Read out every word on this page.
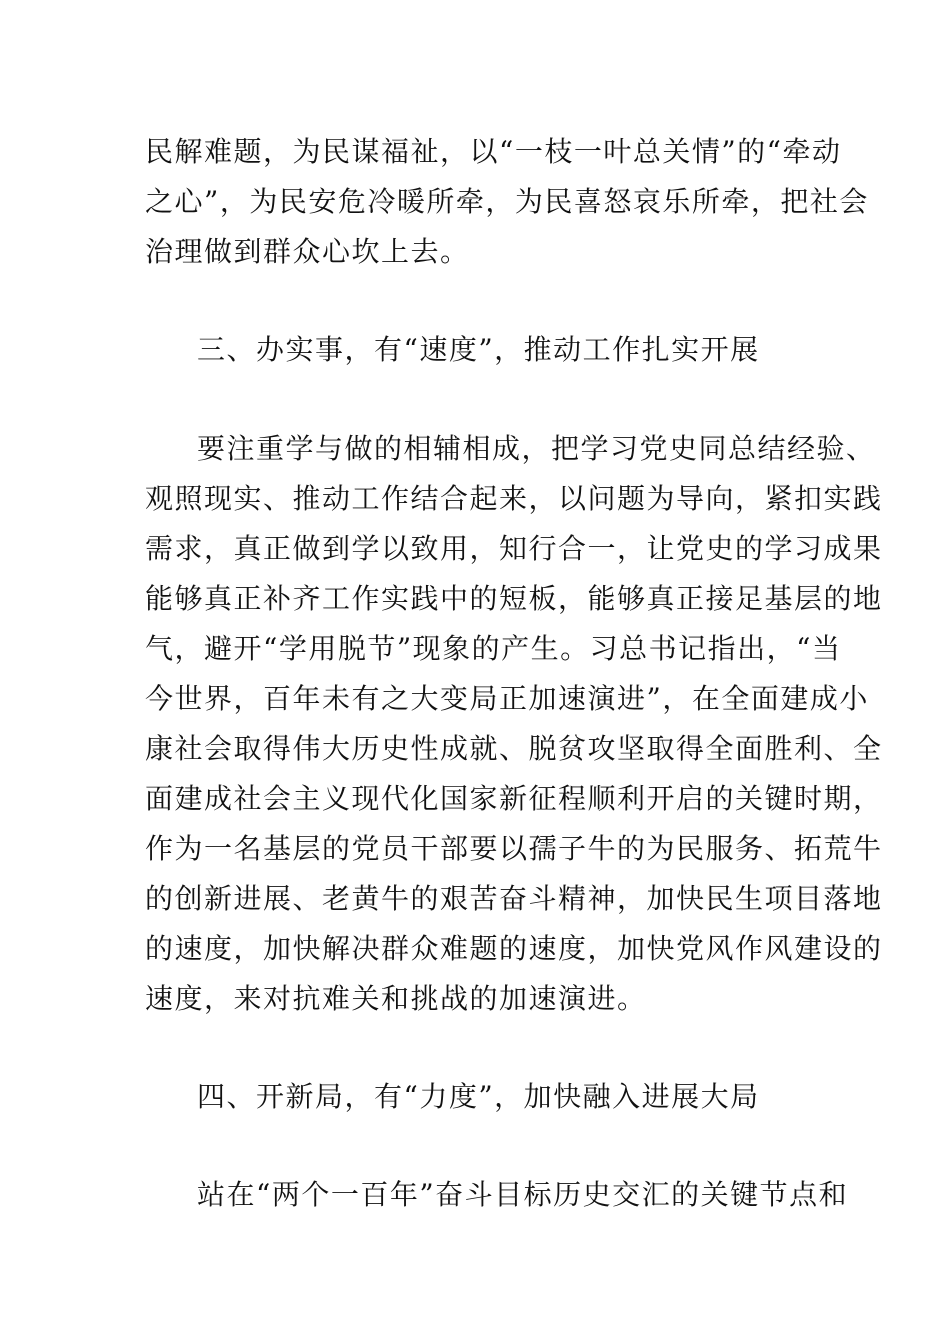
民解难题，为民谋福祉，以“一枝一叶总关情”的“牵动
之心”，为民安危冷暖所牵，为民喜怒哀乐所牵，把社会
治理做到群众心坎上去。
三、办实事，有“速度”，推动工作扎实开展
要注重学与做的相辅相成，把学习党史同总结经验、
观照现实、推动工作结合起来，以问题为导向，紧扣实践
需求，真正做到学以致用，知行合一，让党史的学习成果
能够真正补齐工作实践中的短板，能够真正接足基层的地
气，避开“学用脱节”现象的产生。习总书记指出，“当
今世界，百年未有之大变局正加速演进”，在全面建成小
康社会取得伟大历史性成就、脱贫攻坚取得全面胜利、全
面建成社会主义现代化国家新征程顺利开启的关键时期，
作为一名基层的党员干部要以孺子牛的为民服务、拓荒牛
的创新进展、老黄牛的艰苦奋斗精神，加快民生项目落地
的速度，加快解决群众难题的速度，加快党风作风建设的
速度，来对抗难关和挑战的加速演进。
四、开新局，有“力度”，加快融入进展大局
站在“两个一百年”奋斗目标历史交汇的关键节点和
